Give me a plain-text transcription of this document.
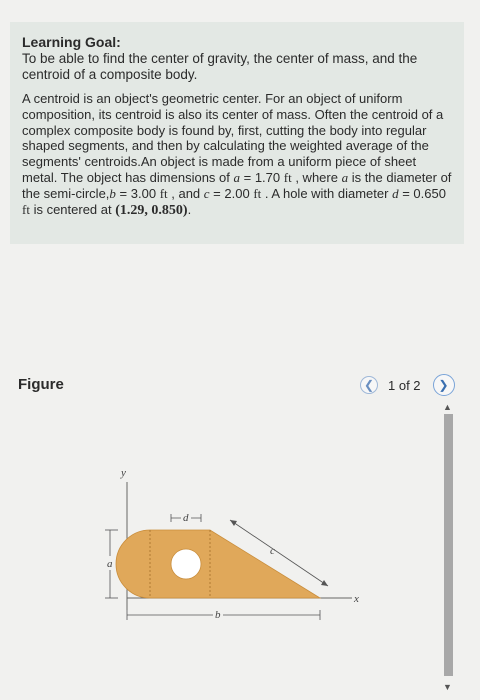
Learning Goal:

To be able to find the center of gravity, the center of mass, and the centroid of a composite body.

A centroid is an object's geometric center. For an object of uniform composition, its centroid is also its center of mass. Often the centroid of a complex composite body is found by, first, cutting the body into regular shaped segments, and then by calculating the weighted average of the segments' centroids.An object is made from a uniform piece of sheet metal. The object has dimensions of a = 1.70 ft , where a is the diameter of the semi-circle,b = 3.00 ft , and c = 2.00 ft . A hole with diameter d = 0.650 ft is centered at (1.29, 0.850).

Figure	❮	1 of 2	❯
▲
▼
y
x
d
a
b
c
